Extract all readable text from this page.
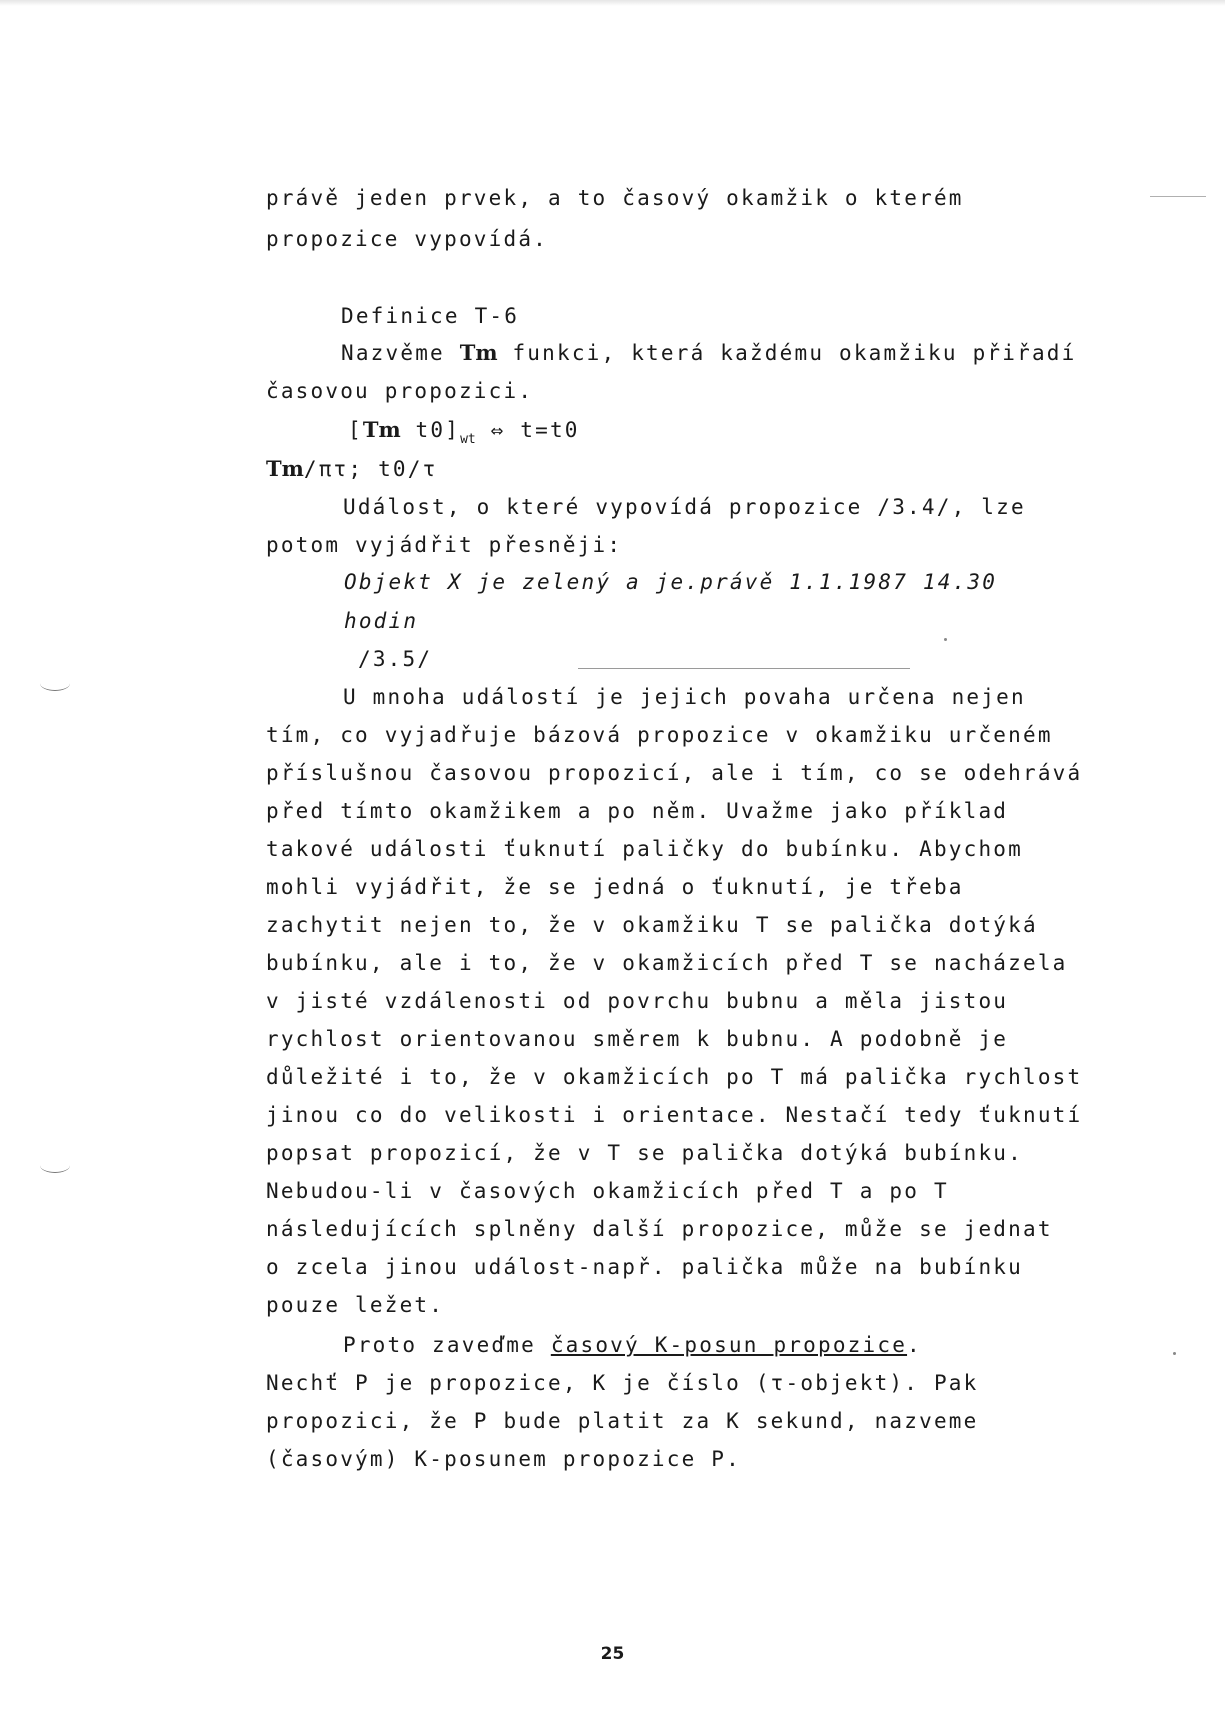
právě jeden prvek, a to časový okamžik o kterém
propozice vypovídá.
Definice T-6
Nazvěme Tm funkci, která každému okamžiku přiřadí
časovou propozici.
[Tm $t0]_{wt}$ ⇔ t=t0
Tm/πτ; t0/τ
Událost, o které vypovídá propozice /3.4/, lze
potom vyjádřit přesněji:
Objekt X je zelený a je.právě 1.1.1987 14.30
hodin
/3.5/
U mnoha událostí je jejich povaha určena nejen
tím, co vyjadřuje bázová propozice v okamžiku určeném
příslušnou časovou propozicí, ale i tím, co se odehrává
před tímto okamžikem a po něm. Uvažme jako příklad
takové události ťuknutí paličky do bubínku. Abychom
mohli vyjádřit, že se jedná o ťuknutí, je třeba
zachytit nejen to, že v okamžiku T se palička dotýká
bubínku, ale i to, že v okamžicích před T se nacházela
v jisté vzdálenosti od povrchu bubnu a měla jistou
rychlost orientovanou směrem k bubnu. A podobně je
důležité i to, že v okamžicích po T má palička rychlost
jinou co do velikosti i orientace. Nestačí tedy ťuknutí
popsat propozicí, že v T se palička dotýká bubínku.
Nebudou-li v časových okamžicích před T a po T
následujících splněny další propozice, může se jednat
o zcela jinou událost-např. palička může na bubínku
pouze ležet.
Proto zaveďme časový K-posun propozice.
Nechť P je propozice, K je číslo (τ-objekt). Pak
propozici, že P bude platit za K sekund, nazveme
(časovým) K-posunem propozice P.
25
